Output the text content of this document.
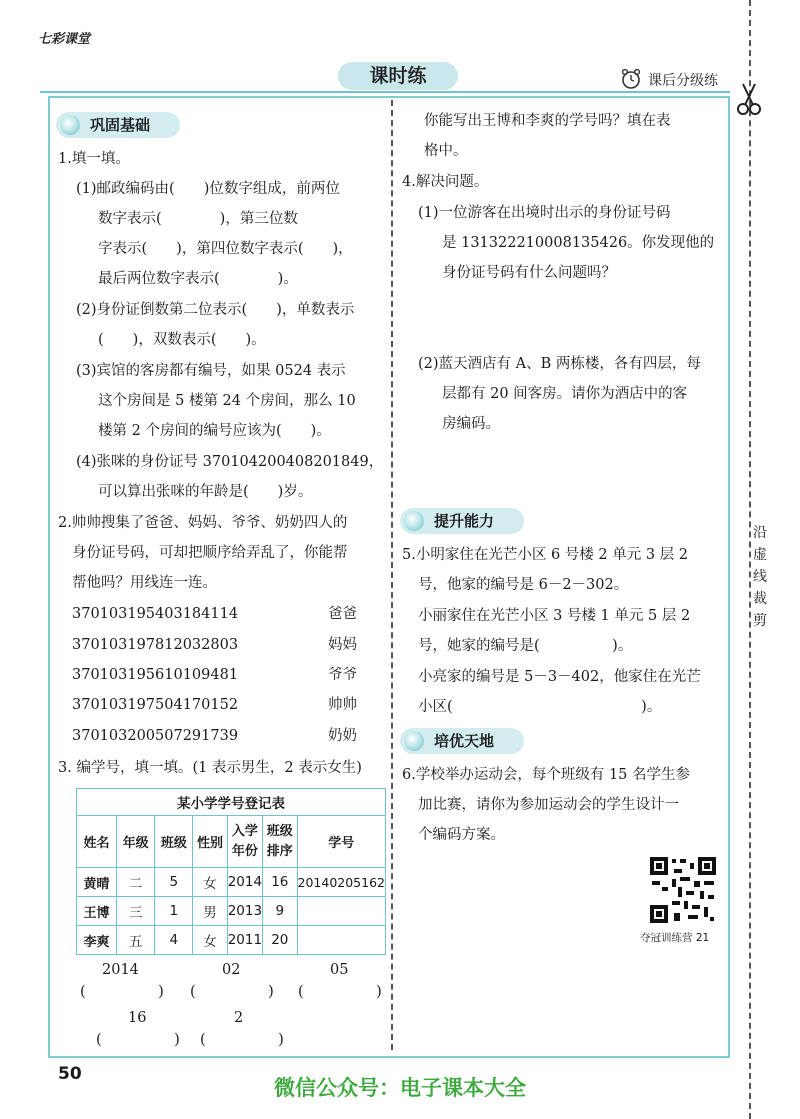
七彩课堂
课时练	课后分级练
沿
虚
线
裁
剪
巩固基础
1.填一填。
(1)邮政编码由(　　)位数字组成，前两位
数字表示(　　　　)，第三位数
字表示(　　)，第四位数字表示(　　)，
最后两位数字表示(　　　　)。
(2)身份证倒数第二位表示(　　)，单数表示
(　　)，双数表示(　　)。
(3)宾馆的客房都有编号，如果 0524 表示
这个房间是 5 楼第 24 个房间，那么 10
楼第 2 个房间的编号应该为(　　)。
(4)张咪的身份证号 370104200408201849，
可以算出张咪的年龄是(　　)岁。
2.帅帅搜集了爸爸、妈妈、爷爷、奶奶四人的
身份证号码，可却把顺序给弄乱了，你能帮
帮他吗？用线连一连。
370103195403184114
370103197812032803
370103195610109481
370103197504170152
370103200507291739
爸爸
妈妈
爷爷
帅帅
奶奶
3. 编学号，填一填。(1 表示男生，2 表示女生)
某小学学号登记表						
姓名	年级	班级	性别	入学年份	班级排序	学号
黄晴	二	5	女	2014	16	20140205162
王博	三	1	男	2013	9	
李爽	五	4	女	2011	20	
2014	02	05
(　　　　　) (　　　　　) (　　　　　)
16	2
(　　　　　) (　　　　　)
你能写出王博和李爽的学号吗？填在表
格中。
4.解决问题。
(1)一位游客在出境时出示的身份证号码
是 131322210008135426。你发现他的
身份证号码有什么问题吗？
(2)蓝天酒店有 A、B 两栋楼，各有四层，每
层都有 20 间客房。请你为酒店中的客
房编码。
提升能力
5.小明家住在光芒小区 6 号楼 2 单元 3 层 2
号，他家的编号是 6－2－302。
小丽家住在光芒小区 3 号楼 1 单元 5 层 2
号，她家的编号是(　　　　　)。
小亮家的编号是 5－3－402，他家住在光芒
小区(　　　　　　　　　　　　　)。
培优天地
6.学校举办运动会，每个班级有 15 名学生参
加比赛，请你为参加运动会的学生设计一
个编码方案。
夺冠训练营 21
50
微信公众号：电子课本大全
